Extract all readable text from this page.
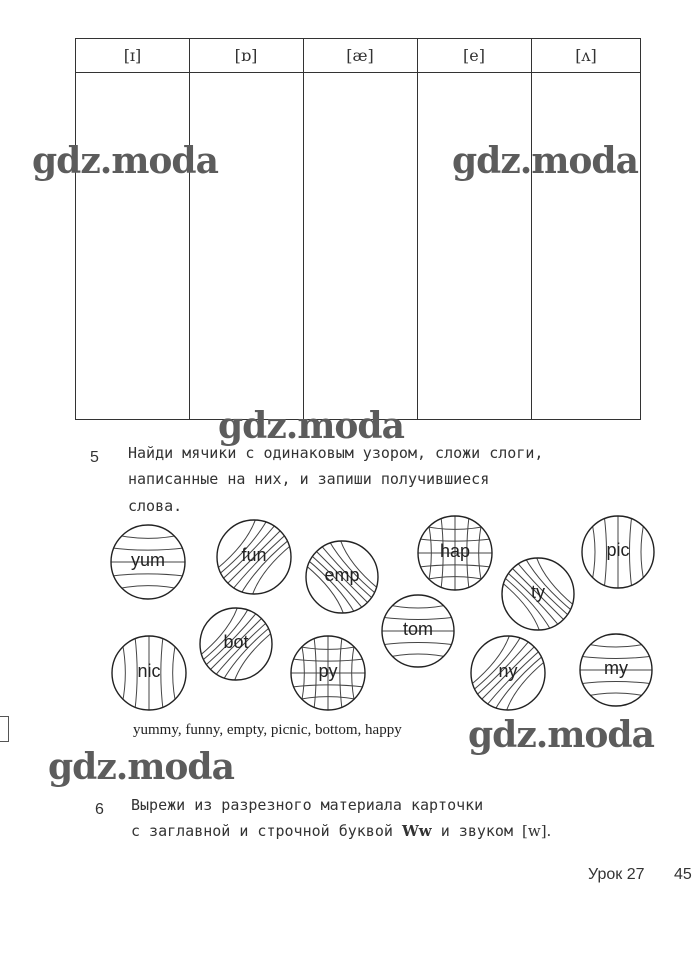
[ɪ]	[ɒ]	[æ]	[e]	[ʌ]
gdz.moda	gdz.moda
gdz.moda
gdz.moda
gdz.moda
5 Найди мячики с одинаковым узором, сложи слоги,
написанные на них, и запиши получившиеся
слова.
yum	fun
emp
hap	pic
ty
tom
bot
nic	py	ny	my
yummy, funny, empty, picnic, bottom, happy
6 Вырежи из разрезного материала карточки
с заглавной и строчной буквой Ww и звуком [w].
Урок 27 45
